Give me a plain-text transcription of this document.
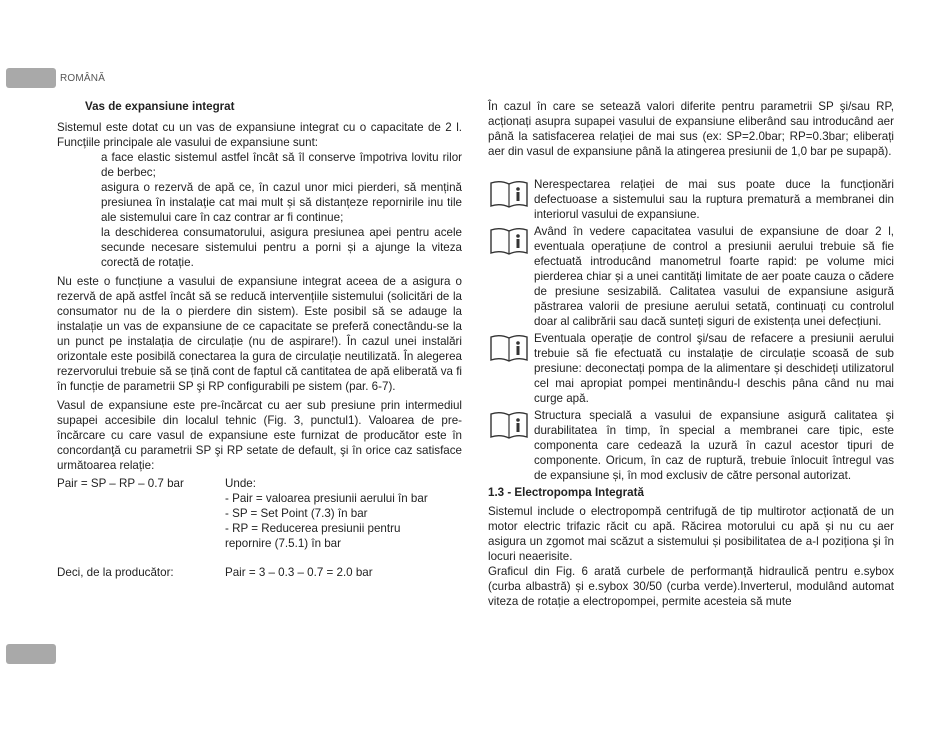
ROMÂNĂ

Vas de expansiune integrat

Sistemul este dotat cu un vas de expansiune integrat cu o capacitate de 2 l. Funcțiile principale ale vasului de expansiune sunt:

a face elastic sistemul astfel încât să îl conserve împotriva lovitu rilor de berbec;

asigura o rezervă de apă ce, în cazul unor mici pierderi, să mențină presiunea în instalație cat mai mult și să distanțeze repornirile inu tile ale sistemului care în caz contrar ar fi continue;

la deschiderea consumatorului, asigura presiunea apei pentru acele secunde necesare sistemului pentru a porni și a ajunge la viteza corectă de rotație.

Nu este o funcțiune a vasului de expansiune integrat aceea de a asigura o rezervă de apă astfel încât să se reducă intervențiile sistemului (solicitări de la consumator nu de la o pierdere din sistem). Este posibil să se adauge la instalație un vas de expansiune de ce capacitate se preferă conectându-se la un punct pe instalația de circulație (nu de aspirare!). În cazul unei instalări orizontale este posibilă conectarea la gura de circulație neutilizată. În alegerea rezervorului trebuie să se țină cont de faptul că cantitatea de apă eliberată va fi în funcție de parametrii SP şi RP configurabili pe sistem (par. 6-7).

Vasul de expansiune este pre-încărcat cu aer sub presiune prin intermediul supapei accesibile din localul tehnic (Fig. 3, punctul1). Valoarea de pre-încărcare cu care vasul de expansiune este furnizat de producător este în concordanţă cu parametrii SP şi RP setate de default, şi în orice caz satisface următoarea relație:

Pair = SP – RP – 0.7 bar	Unde:

- Pair = valoarea presiunii aerului în bar

- SP = Set Point (7.3) în bar

- RP = Reducerea presiunii pentru repornire (7.5.1) în bar

Deci, de la producător:	Pair = 3 – 0.3 – 0.7 = 2.0 bar

În cazul în care se setează valori diferite pentru parametrii SP şi/sau RP, acționați asupra supapei vasului de expansiune eliberând sau introducând aer până la satisfacerea relației de mai sus (ex: SP=2.0bar; RP=0.3bar; eliberați aer din vasul de expansiune până la atingerea presiunii de 1,0 bar pe supapă).

Nerespectarea relației de mai sus poate duce la funcționări defectuoase a sistemului sau la ruptura prematură a membranei din interiorul vasului de expansiune.

Având în vedere capacitatea vasului de expansiune de doar 2 l, eventuala operațiune de control a presiunii aerului trebuie să fie efectuată introducând manometrul foarte rapid: pe volume mici pierderea chiar și a unei cantități limitate de aer poate cauza o cădere de presiune sesizabilă. Calitatea vasului de expansiune asigură păstrarea valorii de presiune aerului setată, continuați cu controlul doar al calibrării sau dacă sunteți siguri de existența unei defecțiuni.

Eventuala operație de control şi/sau de refacere a presiunii aerului trebuie să fie efectuată cu instalație de circulație scoasă de sub presiune: deconectați pompa de la alimentare și deschideți utilizatorul cel mai apropiat pompei mentinându-l deschis pâna când nu mai curge apă.

Structura specială a vasului de expansiune asigură calitatea şi durabilitatea în timp, în special a membranei care tipic, este componenta care cedează la uzură în cazul acestor tipuri de componente. Oricum, în caz de ruptură, trebuie înlocuit întregul vas de expansiune și, în mod exclusiv de către personal autorizat.

1.3 - Electropompa Integrată

Sistemul include o electropompă centrifugă de tip multirotor acționată de un motor electric trifazic răcit cu apă. Răcirea motorului cu apă și nu cu aer asigura un zgomot mai scăzut a sistemului și posibilitatea de a-l poziționa şi în locuri neaerisite.

Graficul din Fig. 6 arată curbele de performanță hidraulică pentru e.sybox (curba albastră) și e.sybox 30/50 (curba verde).Inverterul, modulând automat viteza de rotație a electropompei, permite acesteia să mute
